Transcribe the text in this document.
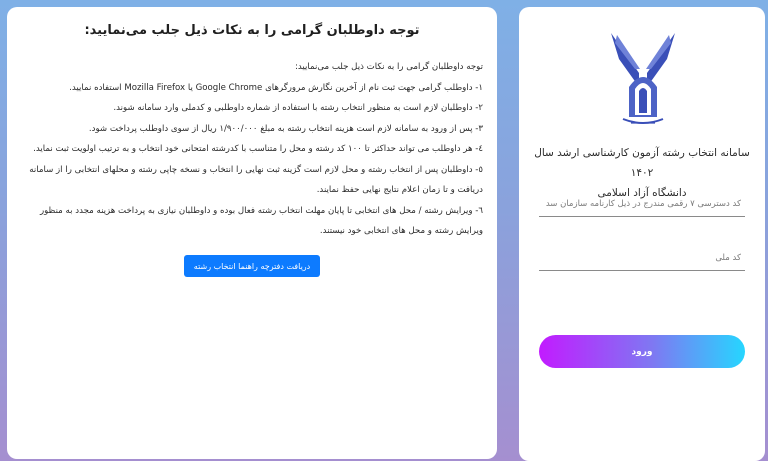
توجه داوطلبان گرامی را به نکات ذیل جلب می‌نمایید:

توجه داوطلبان گرامی را به نکات ذیل جلب می‌نمایید:

۱- داوطلب گرامی جهت ثبت نام از آخرین نگارش مرورگرهای Google Chrome یا Mozilla Firefox استفاده نمایید.

۲- داوطلبان لازم است به منظور انتخاب رشته با استفاده از شماره داوطلبی و کدملی وارد سامانه شوند.

۳- پس از ورود به سامانه لازم است هزینه انتخاب رشته به مبلغ ۱/۹۰۰/۰۰۰ ریال از سوی داوطلب پرداخت شود.

٤- هر داوطلب می تواند حداکثر تا ۱۰۰ کد رشته و محل را متناسب با کدرشته امتحانی خود انتخاب و به ترتیب اولویت ثبت نماید.

٥- داوطلبان پس از انتخاب رشته و محل لازم است گزینه ثبت نهایی را انتخاب و نسخه چاپی رشته و محلهای انتخابی را از سامانه دریافت و تا زمان اعلام نتایج نهایی حفظ نمایند.

٦- ویرایش رشته / محل های انتخابی تا پایان مهلت انتخاب رشته فعال بوده و داوطلبان نیازی به پرداخت هزینه مجدد به منظور ویرایش رشته و محل های انتخابی خود نیستند.

دریافت دفترچه راهنما انتخاب رشته
سامانه انتخاب رشته آزمون کارشناسی ارشد سال ۱۴۰۲
دانشگاه آزاد اسلامی
کد دسترسی ۷ رقمی مندرج در ذیل کارنامه سازمان سد
کد ملی
ورود
